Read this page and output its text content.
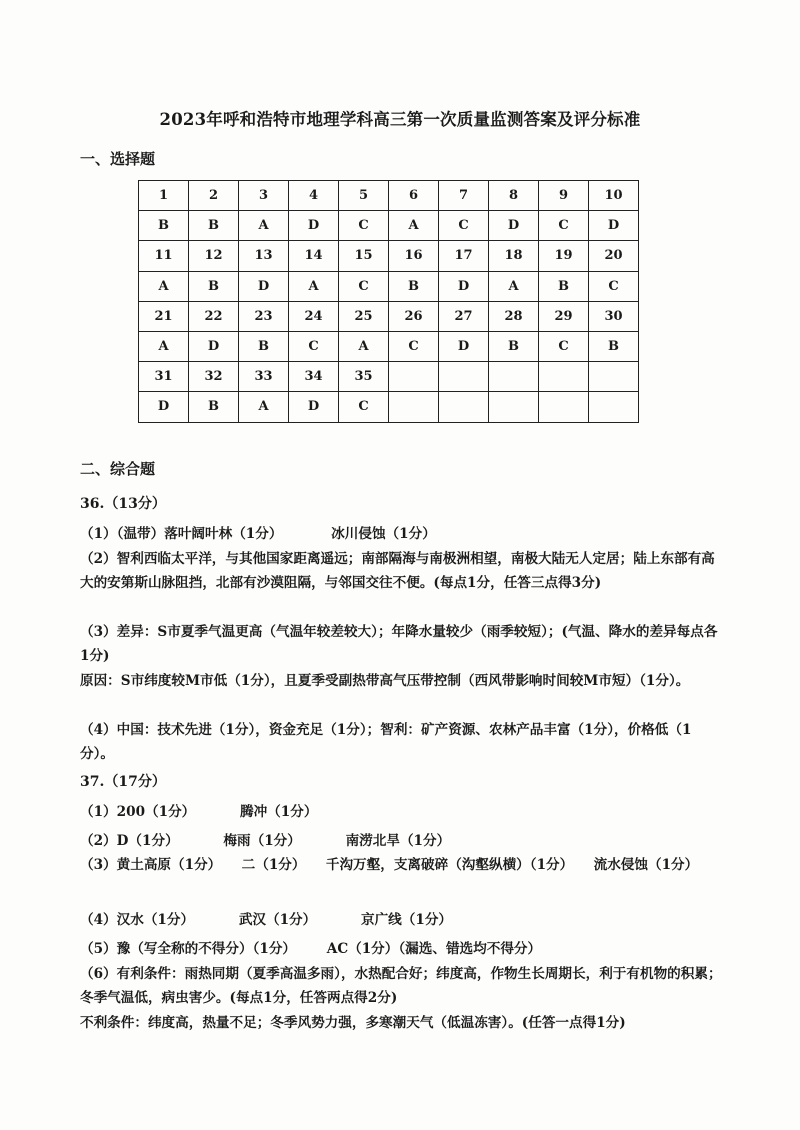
2023年呼和浩特市地理学科高三第一次质量监测答案及评分标准
一、选择题
1	2	3	4	5	6	7	8	9	10
B	B	A	D	C	A	C	D	C	D
11	12	13	14	15	16	17	18	19	20
A	B	D	A	C	B	D	A	B	C
21	22	23	24	25	26	27	28	29	30
A	D	B	C	A	C	D	B	C	B
31	32	33	34	35					
D	B	A	D	C					
二、综合题
36.（13分）
（1）（温带）落叶阔叶林（1分）	冰川侵蚀（1分）
（2）智利西临太平洋，与其他国家距离遥远；南部隔海与南极洲相望，南极大陆无人定居；陆上东部有高大的安第斯山脉阻挡，北部有沙漠阻隔，与邻国交往不便。(每点1分，任答三点得3分)
（3）差异：S市夏季气温更高（气温年较差较大）；年降水量较少（雨季较短）；(气温、降水的差异每点各1分)
原因：S市纬度较M市低（1分），且夏季受副热带高气压带控制（西风带影响时间较M市短）（1分）。
（4）中国：技术先进（1分），资金充足（1分）；智利：矿产资源、农林产品丰富（1分），价格低（1分）。
37.（17分）
（1）200（1分）	腾冲（1分）
（2）D（1分）	梅雨（1分）	南涝北旱（1分）
（3）黄土高原（1分）　　二（1分）　　千沟万壑，支离破碎（沟壑纵横）（1分）　　流水侵蚀（1分）
（4）汉水（1分）	武汉（1分）	京广线（1分）
（5）豫（写全称的不得分）（1分） AC（1分）（漏选、错选均不得分）
（6）有利条件：雨热同期（夏季高温多雨），水热配合好；纬度高，作物生长周期长，利于有机物的积累；冬季气温低，病虫害少。(每点1分，任答两点得2分)
不利条件：纬度高，热量不足；冬季风势力强，多寒潮天气（低温冻害）。(任答一点得1分)
